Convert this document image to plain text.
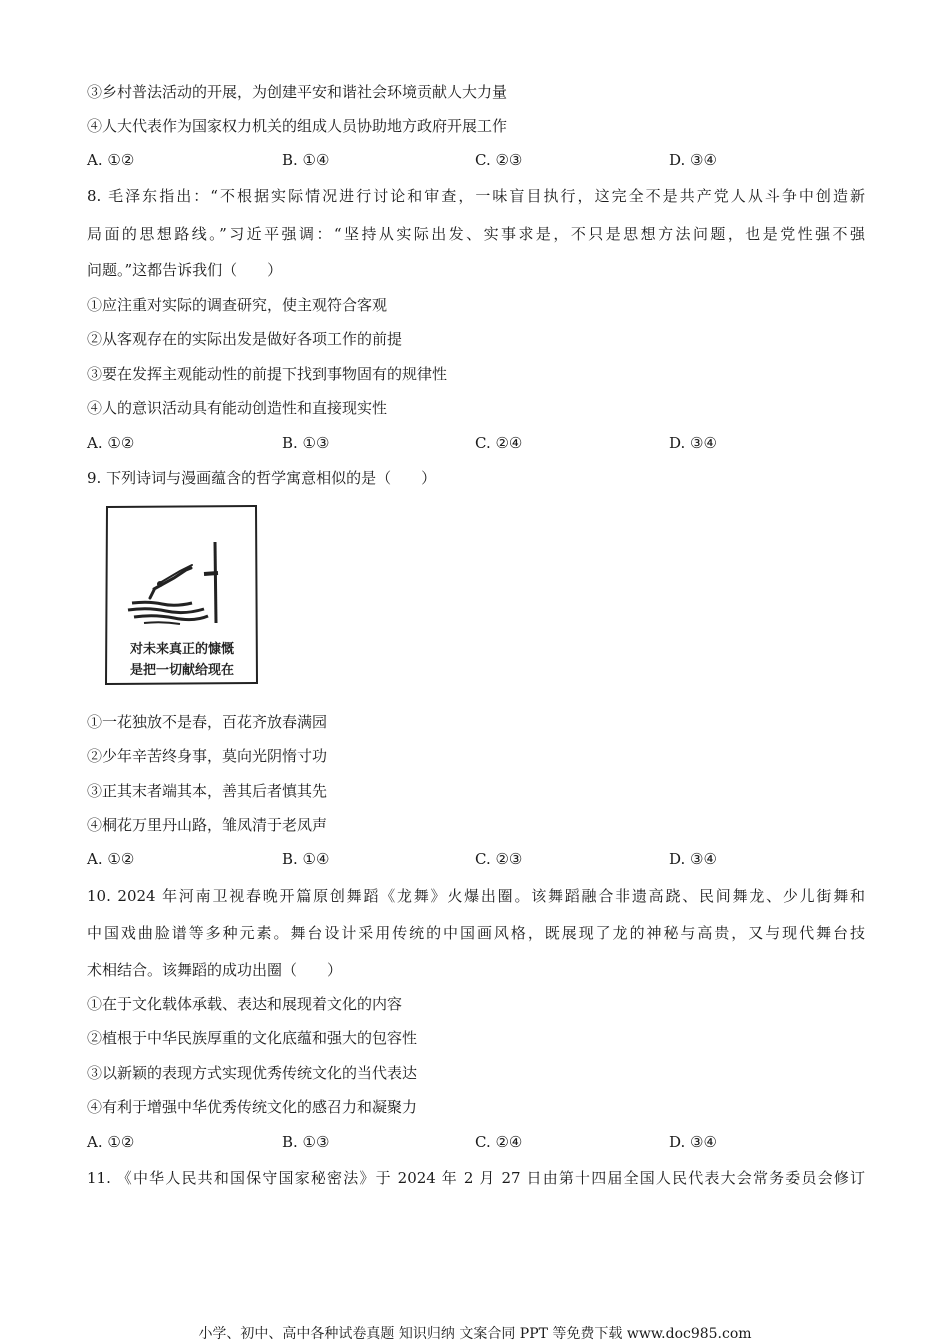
③乡村普法活动的开展，为创建平安和谐社会环境贡献人大力量
④人大代表作为国家权力机关的组成人员协助地方政府开展工作
A. ①②	B. ①④	C. ②③	D. ③④
8. 毛泽东指出：“不根据实际情况进行讨论和审查，一味盲目执行，这完全不是共产党人从斗争中创造新
局面的思想路线。”习近平强调：“坚持从实际出发、实事求是，不只是思想方法问题，也是党性强不强
问题。”这都告诉我们（　　）
①应注重对实际的调查研究，使主观符合客观
②从客观存在的实际出发是做好各项工作的前提
③要在发挥主观能动性的前提下找到事物固有的规律性
④人的意识活动具有能动创造性和直接现实性
A. ①②	B. ①③	C. ②④	D. ③④
9. 下列诗词与漫画蕴含的哲学寓意相似的是（　　）
对未来真正的慷慨
是把一切献给现在
①一花独放不是春，百花齐放春满园
②少年辛苦终身事，莫向光阴惰寸功
③正其末者端其本，善其后者慎其先
④桐花万里丹山路，雏凤清于老凤声
A. ①②	B. ①④	C. ②③	D. ③④
10. 2024 年河南卫视春晚开篇原创舞蹈《龙舞》火爆出圈。该舞蹈融合非遗高跷、民间舞龙、少儿街舞和
中国戏曲脸谱等多种元素。舞台设计采用传统的中国画风格，既展现了龙的神秘与高贵，又与现代舞台技
术相结合。该舞蹈的成功出圈（　　）
①在于文化载体承载、表达和展现着文化的内容
②植根于中华民族厚重的文化底蕴和强大的包容性
③以新颖的表现方式实现优秀传统文化的当代表达
④有利于增强中华优秀传统文化的感召力和凝聚力
A. ①②	B. ①③	C. ②④	D. ③④
11. 《中华人民共和国保守国家秘密法》于 2024 年 2 月 27 日由第十四届全国人民代表大会常务委员会修订
小学、初中、高中各种试卷真题 知识归纳 文案合同 PPT 等免费下载 www.doc985.com
